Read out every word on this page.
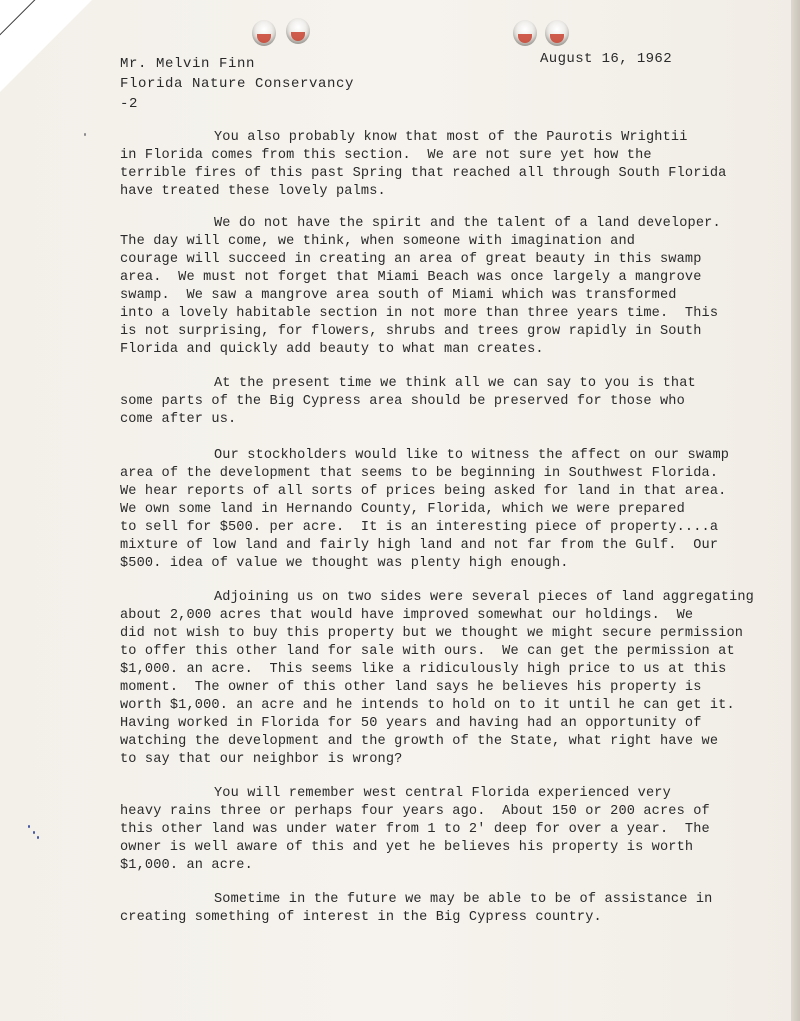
August 16, 1962
Mr. Melvin Finn
Florida Nature Conservancy
-2
You also probably know that most of the Paurotis Wrightii
in Florida comes from this section.  We are not sure yet how the
terrible fires of this past Spring that reached all through South Florida
have treated these lovely palms.
We do not have the spirit and the talent of a land developer.
The day will come, we think, when someone with imagination and
courage will succeed in creating an area of great beauty in this swamp
area.  We must not forget that Miami Beach was once largely a mangrove
swamp.  We saw a mangrove area south of Miami which was transformed
into a lovely habitable section in not more than three years time.  This
is not surprising, for flowers, shrubs and trees grow rapidly in South
Florida and quickly add beauty to what man creates.
At the present time we think all we can say to you is that
some parts of the Big Cypress area should be preserved for those who
come after us.
Our stockholders would like to witness the affect on our swamp
area of the development that seems to be beginning in Southwest Florida.
We hear reports of all sorts of prices being asked for land in that area.
We own some land in Hernando County, Florida, which we were prepared
to sell for $500. per acre.  It is an interesting piece of property....a
mixture of low land and fairly high land and not far from the Gulf.  Our
$500. idea of value we thought was plenty high enough.
Adjoining us on two sides were several pieces of land aggregating
about 2,000 acres that would have improved somewhat our holdings.  We
did not wish to buy this property but we thought we might secure permission
to offer this other land for sale with ours.  We can get the permission at
$1,000. an acre.  This seems like a ridiculously high price to us at this
moment.  The owner of this other land says he believes his property is
worth $1,000. an acre and he intends to hold on to it until he can get it.
Having worked in Florida for 50 years and having had an opportunity of
watching the development and the growth of the State, what right have we
to say that our neighbor is wrong?
You will remember west central Florida experienced very
heavy rains three or perhaps four years ago.  About 150 or 200 acres of
this other land was under water from 1 to 2' deep for over a year.  The
owner is well aware of this and yet he believes his property is worth
$1,000. an acre.
Sometime in the future we may be able to be of assistance in
creating something of interest in the Big Cypress country.
